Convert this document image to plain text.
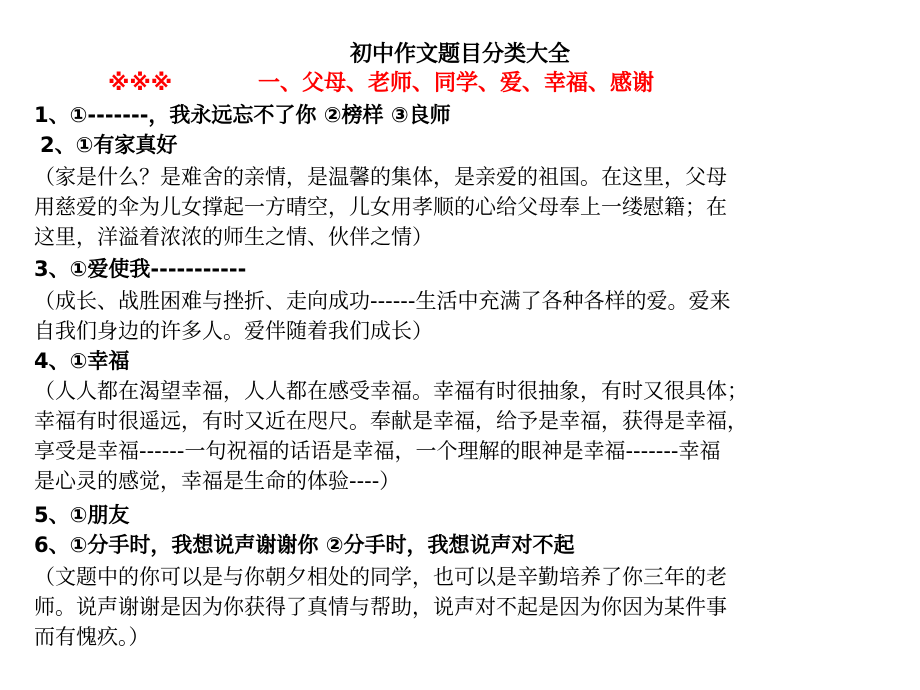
初中作文题目分类大全
※※※	一、父母、老师、同学、爱、幸福、感谢
1、①-------，我永远忘不了你 ②榜样 ③良师
2、①有家真好
（家是什么？是难舍的亲情，是温馨的集体，是亲爱的祖国。在这里，父母
用慈爱的伞为儿女撑起一方晴空，儿女用孝顺的心给父母奉上一缕慰籍；在
这里，洋溢着浓浓的师生之情、伙伴之情）
3、①爱使我-----------
（成长、战胜困难与挫折、走向成功------生活中充满了各种各样的爱。爱来
自我们身边的许多人。爱伴随着我们成长）
4、①幸福
（人人都在渴望幸福，人人都在感受幸福。幸福有时很抽象，有时又很具体；
幸福有时很遥远，有时又近在咫尺。奉献是幸福，给予是幸福，获得是幸福，
享受是幸福------一句祝福的话语是幸福，一个理解的眼神是幸福-------幸福
是心灵的感觉，幸福是生命的体验----）
5、①朋友
6、①分手时，我想说声谢谢你 ②分手时，我想说声对不起
（文题中的你可以是与你朝夕相处的同学，也可以是辛勤培养了你三年的老
师。说声谢谢是因为你获得了真情与帮助，说声对不起是因为你因为某件事
而有愧疚。）
